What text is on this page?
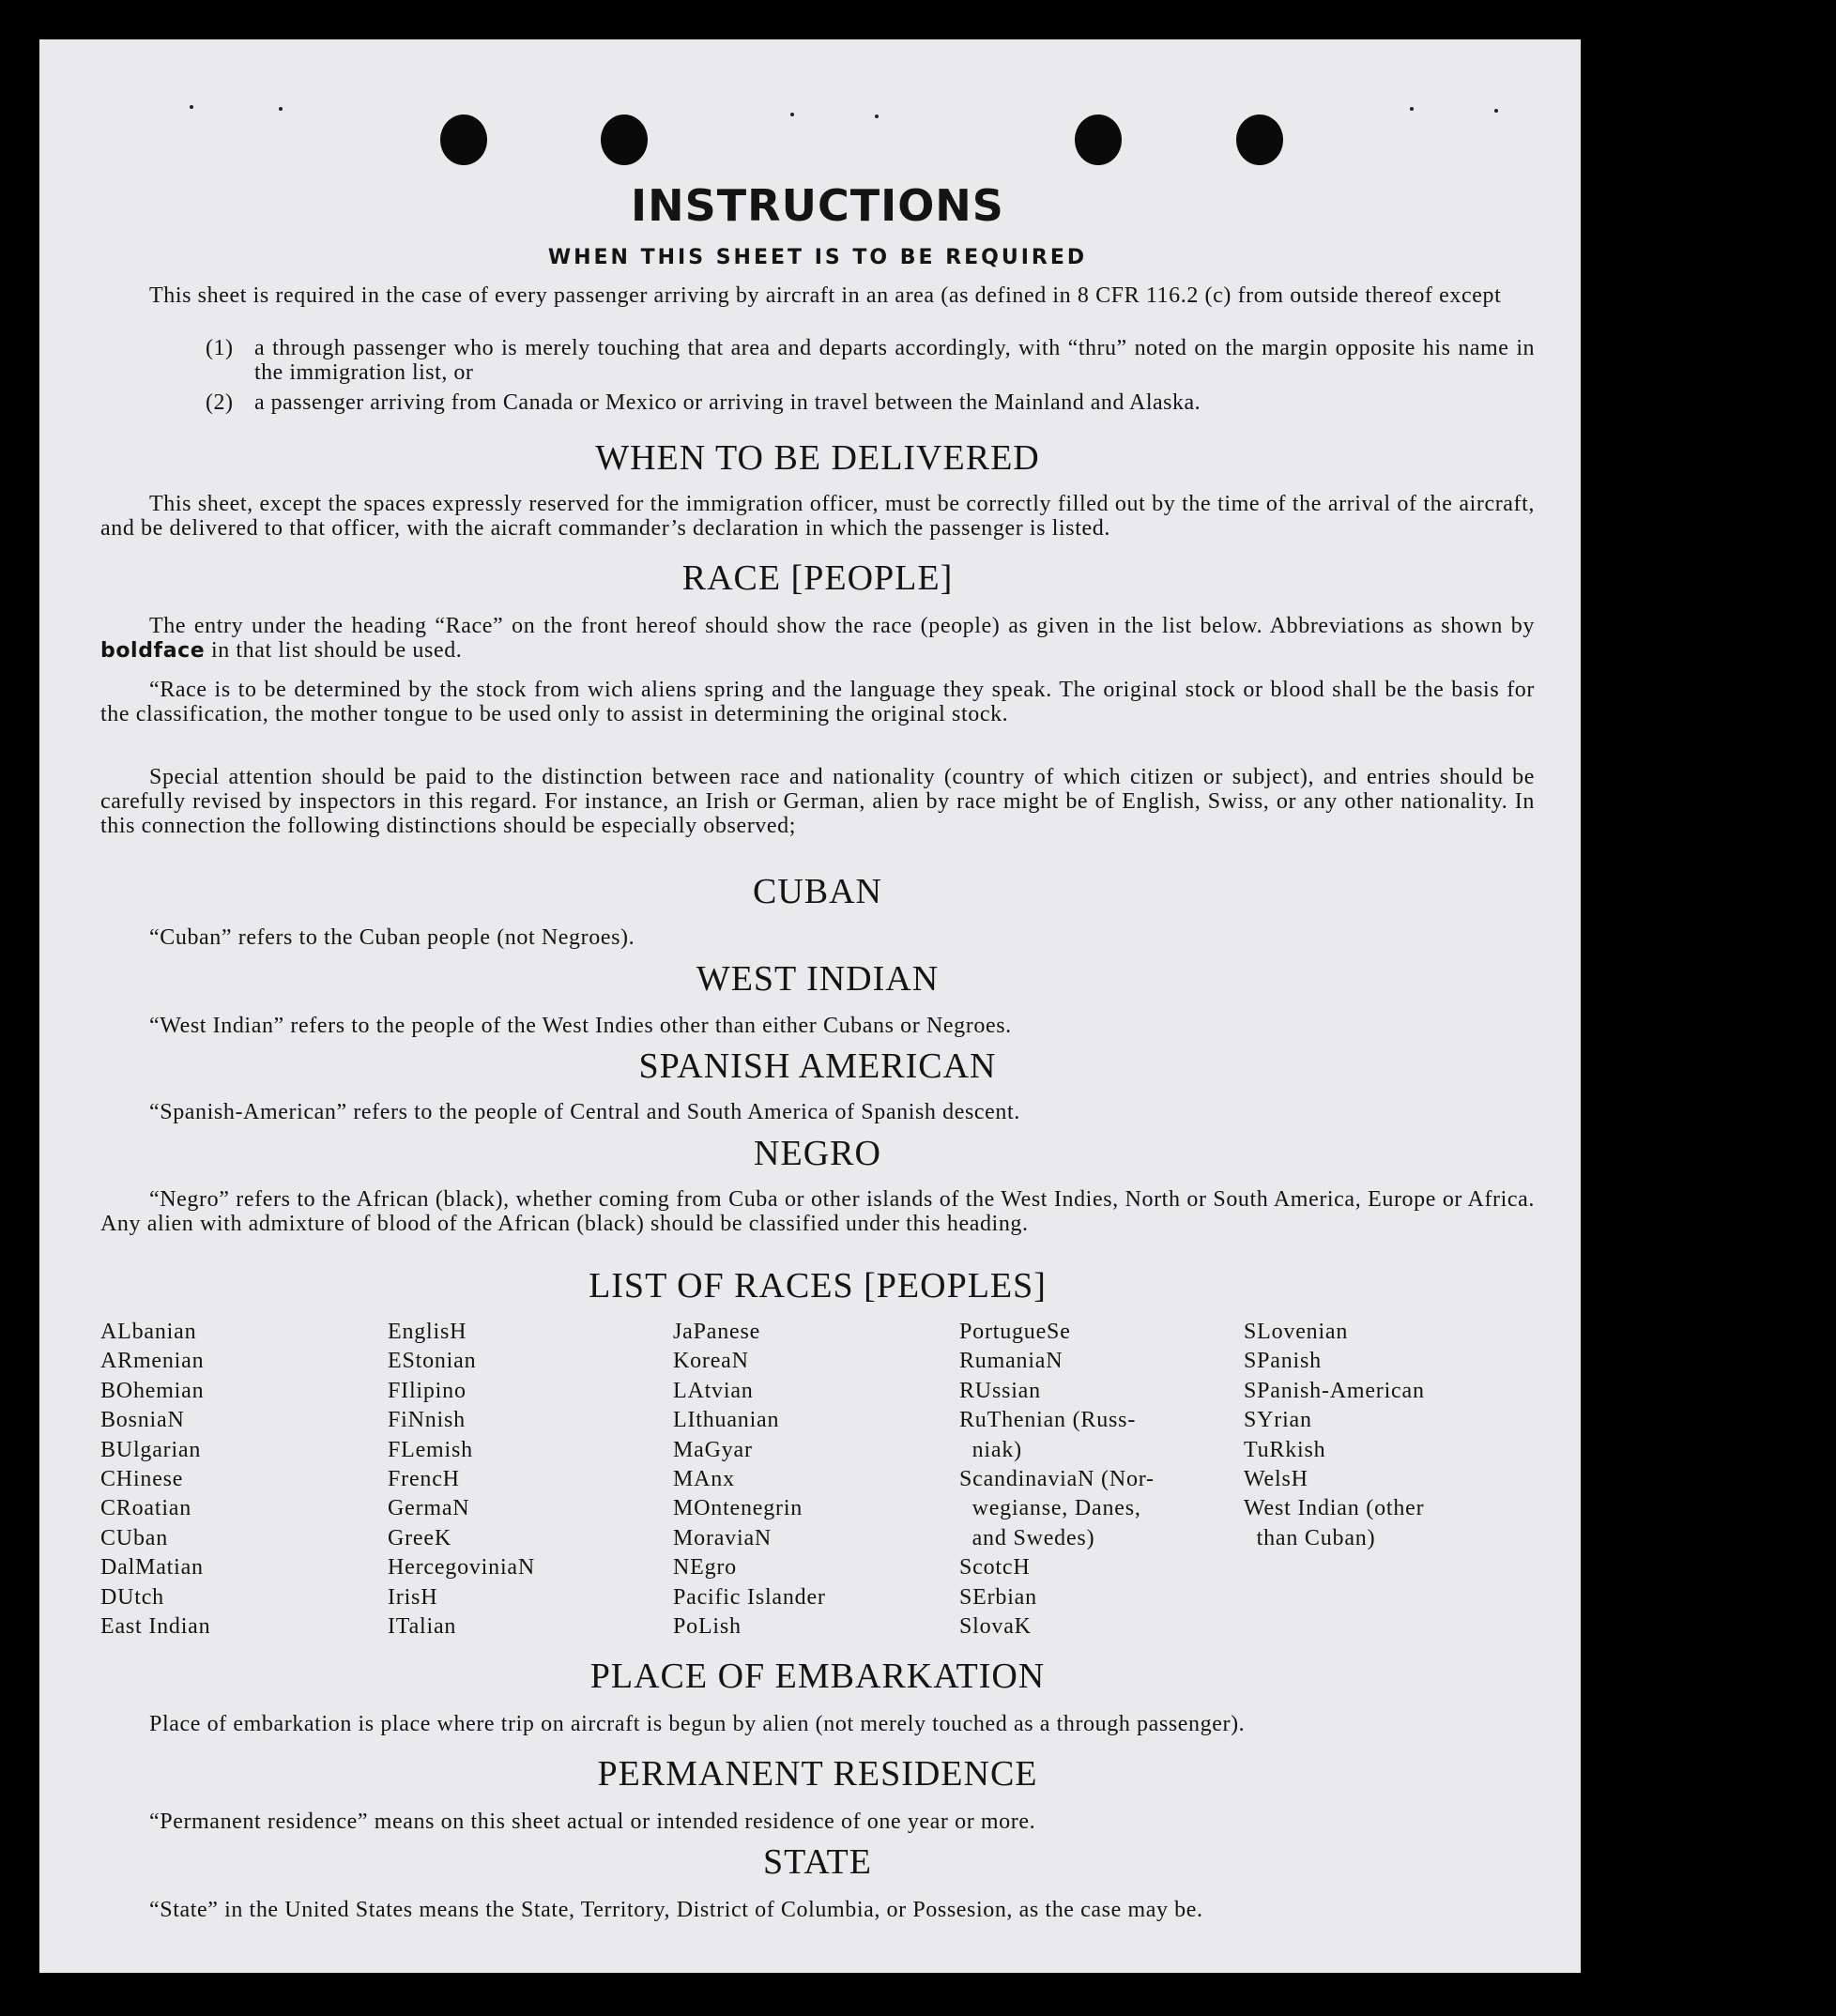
INSTRUCTIONS
WHEN THIS SHEET IS TO BE REQUIRED
This sheet is required in the case of every passenger arriving by aircraft in an area (as defined in 8 CFR 116.2 (c) from outside thereof except
(1) a through passenger who is merely touching that area and departs accordingly, with “thru” noted on the margin opposite his name in the immigration list, or
(2) a passenger arriving from Canada or Mexico or arriving in travel between the Mainland and Alaska.
WHEN TO BE DELIVERED
This sheet, except the spaces expressly reserved for the immigration officer, must be correctly filled out by the time of the arrival of the aircraft, and be delivered to that officer, with the aicraft commander’s declaration in which the passenger is listed.
RACE [PEOPLE]
The entry under the heading “Race” on the front hereof should show the race (people) as given in the list below. Abbreviations as shown by boldface in that list should be used.
“Race is to be determined by the stock from wich aliens spring and the language they speak. The original stock or blood shall be the basis for the classification, the mother tongue to be used only to assist in determining the original stock.
Special attention should be paid to the distinction between race and nationality (country of which citizen or subject), and entries should be carefully revised by inspectors in this regard. For instance, an Irish or German, alien by race might be of English, Swiss, or any other nationality. In this connection the following distinctions should be especially observed;
CUBAN
“Cuban” refers to the Cuban people (not Negroes).
WEST INDIAN
“West Indian” refers to the people of the West Indies other than either Cubans or Negroes.
SPANISH AMERICAN
“Spanish-American” refers to the people of Central and South America of Spanish descent.
NEGRO
“Negro” refers to the African (black), whether coming from Cuba or other islands of the West Indies, North or South America, Europe or Africa. Any alien with admixture of blood of the African (black) should be classified under this heading.
LIST OF RACES [PEOPLES]
ALbanian
ARmenian
BOhemian
BosniaN
BUlgarian
CHinese
CRoatian
CUban
DalMatian
DUtch
East Indian
EnglisH
EStonian
FIlipino
FiNnish
FLemish
FrencH
GermaN
GreeK
HercegoviniaN
IrisH
ITalian
JaPanese
KoreaN
LAtvian
LIthuanian
MaGyar
MAnx
MOntenegrin
MoraviaN
NEgro
Pacific Islander
PoLish
PortugueSe
RumaniaN
RUssian
RuThenian (Russ-
niak)
ScandinaviaN (Nor-
wegianse, Danes,
and Swedes)
ScotcH
SErbian
SlovaK
SLovenian
SPanish
SPanish-American
SYrian
TuRkish
WelsH
West Indian (other
than Cuban)
PLACE OF EMBARKATION
Place of embarkation is place where trip on aircraft is begun by alien (not merely touched as a through passenger).
PERMANENT RESIDENCE
“Permanent residence” means on this sheet actual or intended residence of one year or more.
STATE
“State” in the United States means the State, Territory, District of Columbia, or Possesion, as the case may be.
